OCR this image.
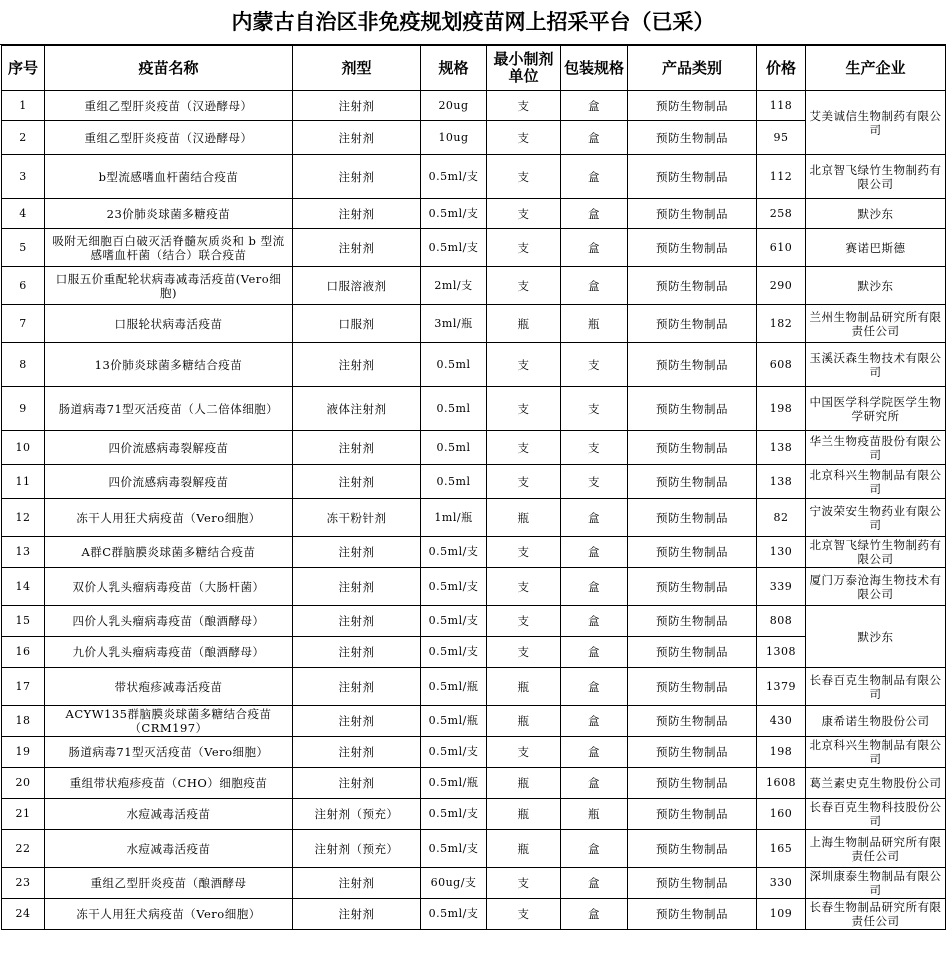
内蒙古自治区非免疫规划疫苗网上招采平台（已采）
序号	疫苗名称	剂型	规格	最小制剂单位	包装规格	产品类别	价格	生产企业
1	重组乙型肝炎疫苗（汉逊酵母）	注射剂	20ug	支	盒	预防生物制品	118	艾美诚信生物制药有限公司
2	重组乙型肝炎疫苗（汉逊酵母）	注射剂	10ug	支	盒	预防生物制品	95	
3	b型流感嗜血杆菌结合疫苗	注射剂	0.5ml/支	支	盒	预防生物制品	112	北京智飞绿竹生物制药有限公司
4	23价肺炎球菌多糖疫苗	注射剂	0.5ml/支	支	盒	预防生物制品	258	默沙东
5	吸附无细胞百白破灭活脊髓灰质炎和 b 型流感嗜血杆菌（结合）联合疫苗	注射剂	0.5ml/支	支	盒	预防生物制品	610	赛诺巴斯德
6	口服五价重配轮状病毒减毒活疫苗(Vero细胞)	口服溶液剂	2ml/支	支	盒	预防生物制品	290	默沙东
7	口服轮状病毒活疫苗	口服剂	3ml/瓶	瓶	瓶	预防生物制品	182	兰州生物制品研究所有限责任公司
8	13价肺炎球菌多糖结合疫苗	注射剂	0.5ml	支	支	预防生物制品	608	玉溪沃森生物技术有限公司
9	肠道病毒71型灭活疫苗（人二倍体细胞）	液体注射剂	0.5ml	支	支	预防生物制品	198	中国医学科学院医学生物学研究所
10	四价流感病毒裂解疫苗	注射剂	0.5ml	支	支	预防生物制品	138	华兰生物疫苗股份有限公司
11	四价流感病毒裂解疫苗	注射剂	0.5ml	支	支	预防生物制品	138	北京科兴生物制品有限公司
12	冻干人用狂犬病疫苗（Vero细胞）	冻干粉针剂	1ml/瓶	瓶	盒	预防生物制品	82	宁波荣安生物药业有限公司
13	A群C群脑膜炎球菌多糖结合疫苗	注射剂	0.5ml/支	支	盒	预防生物制品	130	北京智飞绿竹生物制药有限公司
14	双价人乳头瘤病毒疫苗（大肠杆菌）	注射剂	0.5ml/支	支	盒	预防生物制品	339	厦门万泰沧海生物技术有限公司
15	四价人乳头瘤病毒疫苗（酿酒酵母）	注射剂	0.5ml/支	支	盒	预防生物制品	808	默沙东
16	九价人乳头瘤病毒疫苗（酿酒酵母）	注射剂	0.5ml/支	支	盒	预防生物制品	1308	
17	带状疱疹减毒活疫苗	注射剂	0.5ml/瓶	瓶	盒	预防生物制品	1379	长春百克生物制品有限公司
18	ACYW135群脑膜炎球菌多糖结合疫苗（CRM197）	注射剂	0.5ml/瓶	瓶	盒	预防生物制品	430	康希诺生物股份公司
19	肠道病毒71型灭活疫苗（Vero细胞）	注射剂	0.5ml/支	支	盒	预防生物制品	198	北京科兴生物制品有限公司
20	重组带状疱疹疫苗（CHO）细胞疫苗	注射剂	0.5ml/瓶	瓶	盒	预防生物制品	1608	葛兰素史克生物股份公司
21	水痘减毒活疫苗	注射剂（预充）	0.5ml/支	瓶	瓶	预防生物制品	160	长春百克生物科技股份公司
22	水痘减毒活疫苗	注射剂（预充）	0.5ml/支	瓶	盒	预防生物制品	165	上海生物制品研究所有限责任公司
23	重组乙型肝炎疫苗（酿酒酵母	注射剂	60ug/支	支	盒	预防生物制品	330	深圳康泰生物制品有限公司
24	冻干人用狂犬病疫苗（Vero细胞）	注射剂	0.5ml/支	支	盒	预防生物制品	109	长春生物制品研究所有限责任公司
